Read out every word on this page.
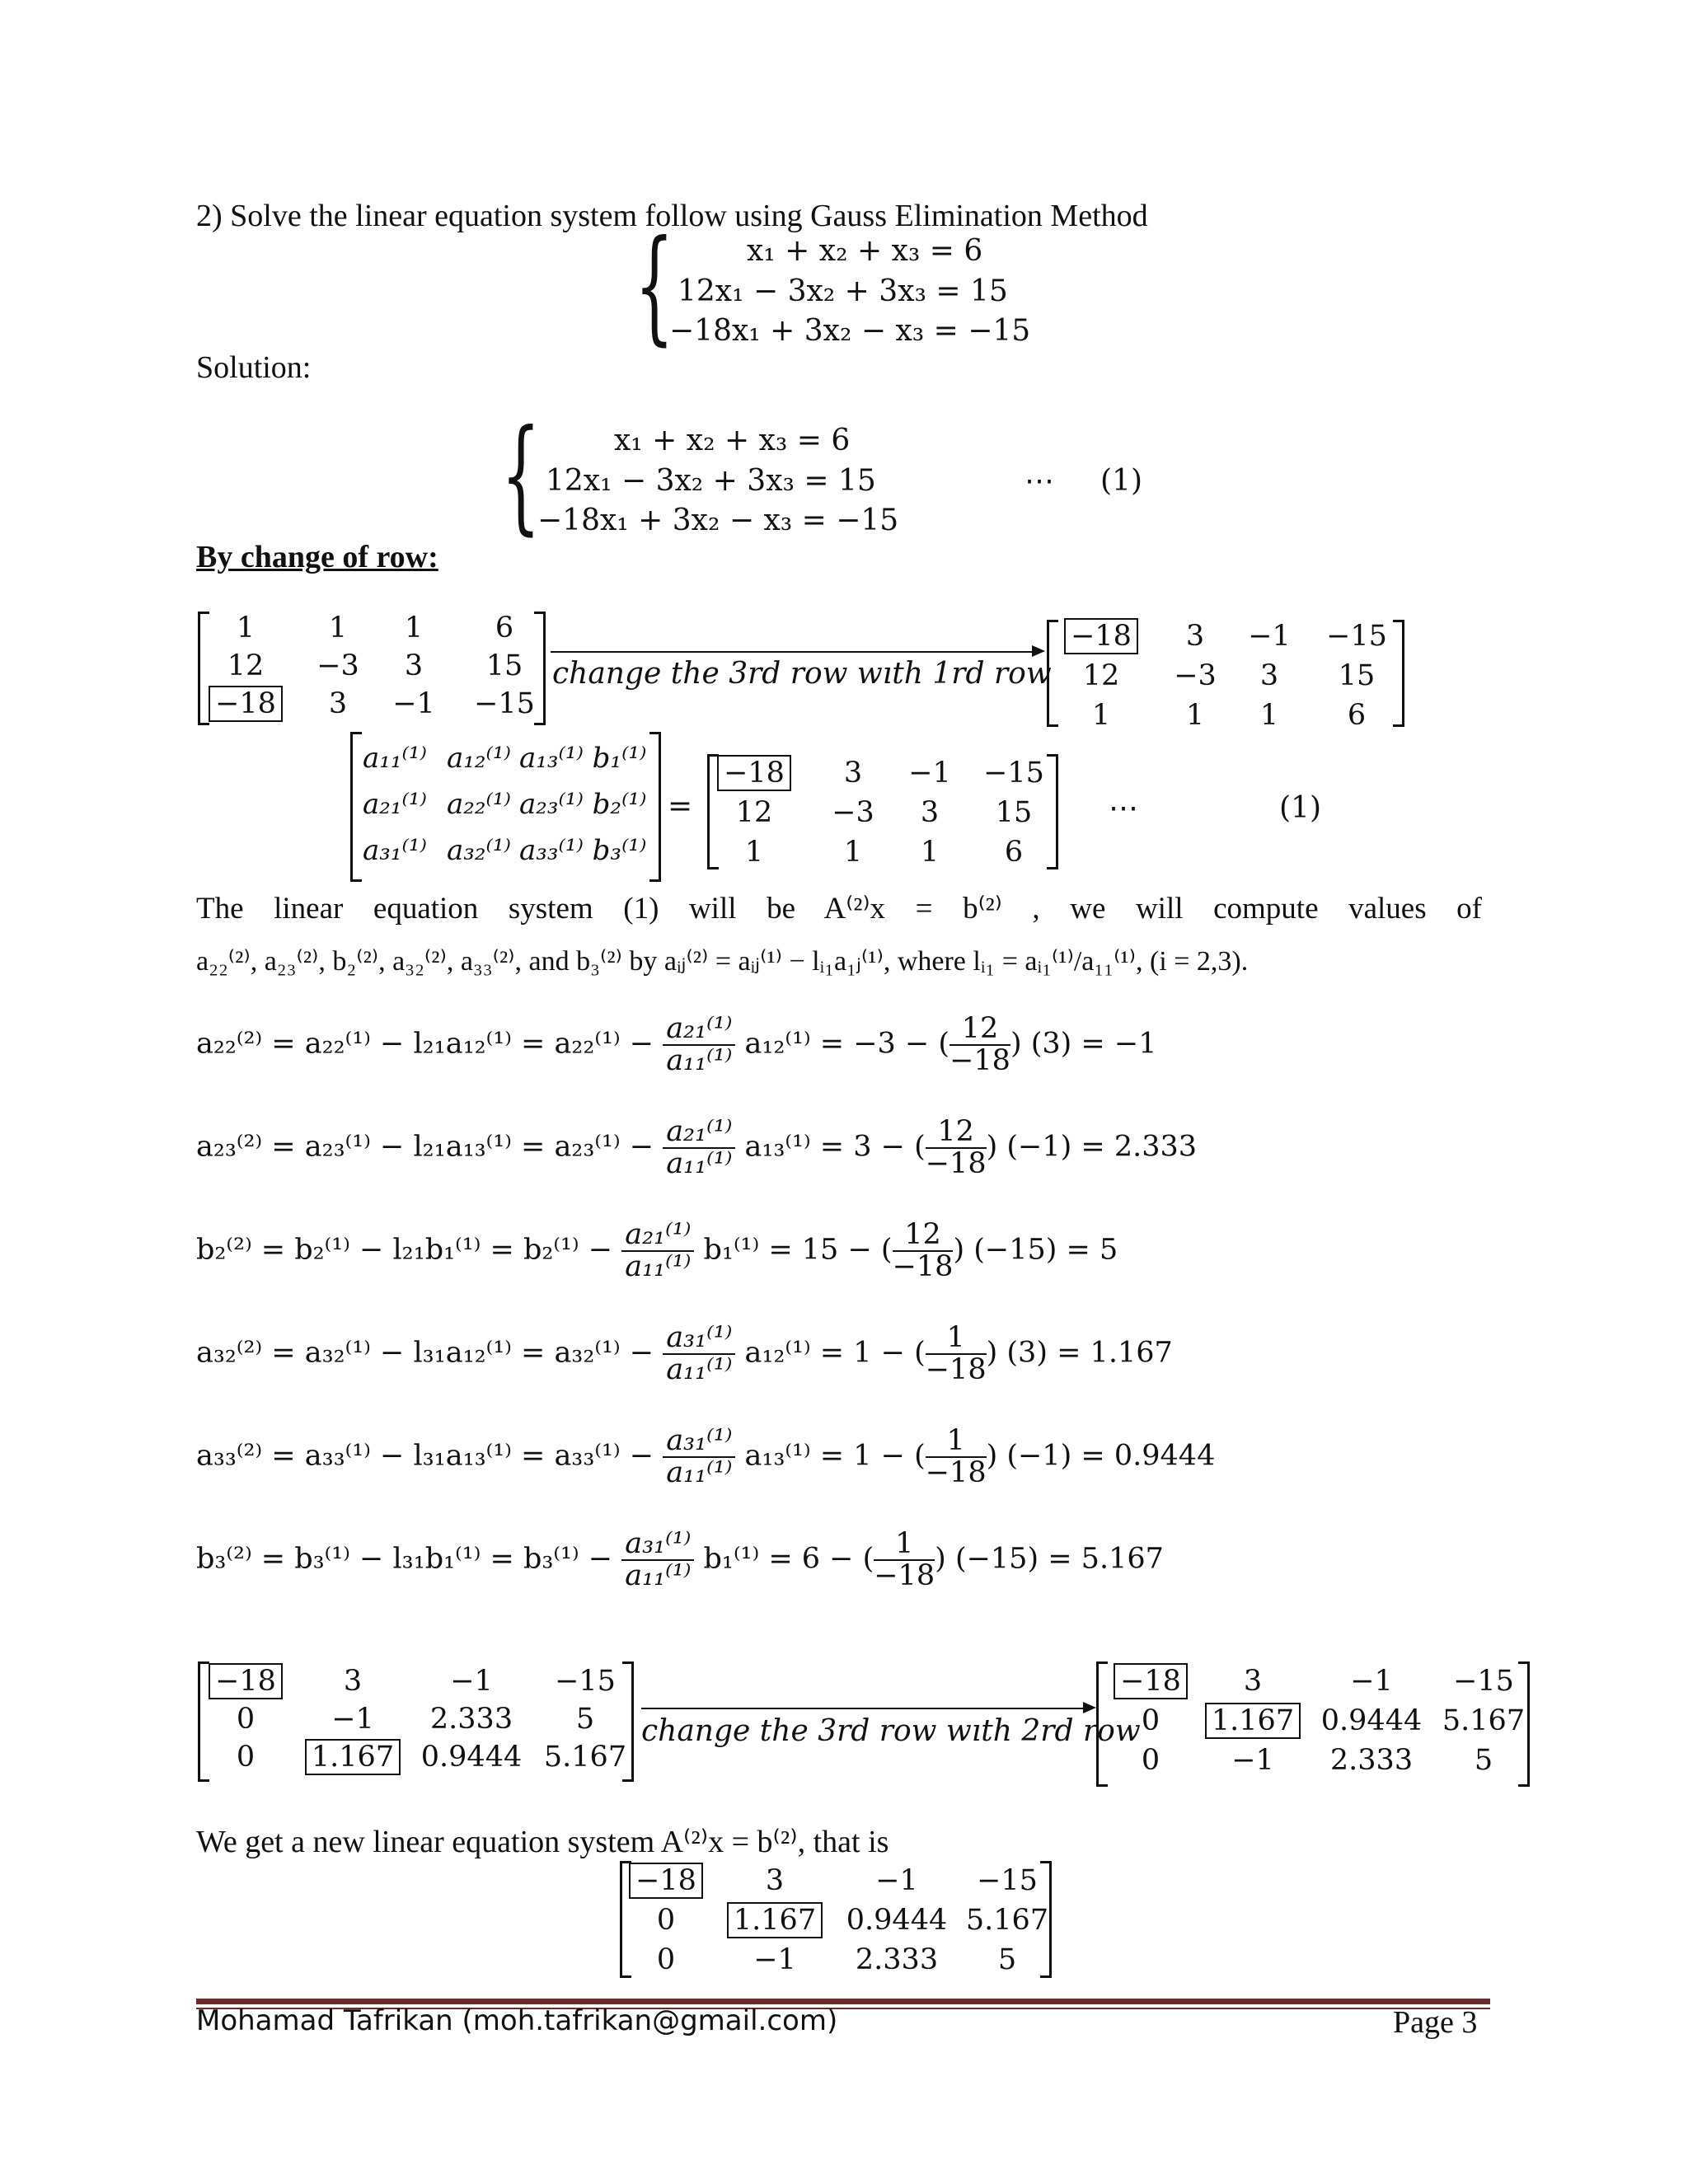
2) Solve the linear equation system follow using Gauss Elimination Method
{ x₁ + x₂ + x₃ = 6
12x₁ − 3x₂ + 3x₃ = 15
−18x₁ + 3x₂ − x₃ = −15
Solution:
{ x₁ + x₂ + x₃ = 6
12x₁ − 3x₂ + 3x₃ = 15
−18x₁ + 3x₂ − x₃ = −15
⋯ (1)
By change of row:
1	1	1	6
12	−3	3	15
−18	3	−1	−15
change the 3rd row wıth 1rd row
−18	3	−1	−15
12	−3	3	15
1	1	1	6
a₁₁⁽¹⁾ a₁₂⁽¹⁾ a₁₃⁽¹⁾ b₁⁽¹⁾
a₂₁⁽¹⁾ a₂₂⁽¹⁾ a₂₃⁽¹⁾ b₂⁽¹⁾
a₃₁⁽¹⁾ a₃₂⁽¹⁾ a₃₃⁽¹⁾ b₃⁽¹⁾
=
−18	3	−1	−15
12	−3	3	15
1	1	1	6
⋯	(1)
The linear equation system (1) will be A⁽²⁾x = b⁽²⁾ , we will compute values of
a₂₂⁽²⁾, a₂₃⁽²⁾, b₂⁽²⁾, a₃₂⁽²⁾, a₃₃⁽²⁾, and b₃⁽²⁾ by aᵢⱼ⁽²⁾ = aᵢⱼ⁽¹⁾ − lᵢ₁a₁ⱼ⁽¹⁾, where lᵢ₁ = aᵢ₁⁽¹⁾/a₁₁⁽¹⁾, (i = 2,3).
$a_{22}^{(2)} = a_{22}^{(1)} - l_{21}a_{12}^{(1)} = a_{22}^{(1)} - \frac{\text{a₂₁⁽¹⁾}}{\text{a₁₁⁽¹⁾}} a_{12}^{(1)} = -3$ − ( $\frac{12}{-18}$ ) (3) = −1
$a_{23}^{(2)} = a_{23}^{(1)} - l_{21}a_{13}^{(1)} = a_{23}^{(1)} - \frac{\text{a₂₁⁽¹⁾}}{\text{a₁₁⁽¹⁾}} a_{13}^{(1)} = 3$ − ( $\frac{12}{-18}$ ) (−1) = 2.333
$b_2^{(2)} = b_2^{(1)} - l_{21}b_1^{(1)} = b_2^{(1)} - \frac{\text{a₂₁⁽¹⁾}}{\text{a₁₁⁽¹⁾}} b_1^{(1)} = 15$ − ( $\frac{12}{-18}$ ) (−15) = 5
$a_{32}^{(2)} = a_{32}^{(1)} - l_{31}a_{12}^{(1)} = a_{32}^{(1)} - \frac{\text{a₃₁⁽¹⁾}}{\text{a₁₁⁽¹⁾}} a_{12}^{(1)} = 1$ − ( $\frac{1}{-18}$ ) (3) = 1.167
$a_{33}^{(2)} = a_{33}^{(1)} - l_{31}a_{13}^{(1)} = a_{33}^{(1)} - \frac{\text{a₃₁⁽¹⁾}}{\text{a₁₁⁽¹⁾}} a_{13}^{(1)} = 1$ − ( $\frac{1}{-18}$ ) (−1) = 0.9444
$b_3^{(2)} = b_3^{(1)} - l_{31}b_1^{(1)} = b_3^{(1)} - \frac{\text{a₃₁⁽¹⁾}}{\text{a₁₁⁽¹⁾}} b_1^{(1)} = 6$ − ( $\frac{1}{-18}$ ) (−15) = 5.167
−18	3	−1	−15
0	−1	2.333	5
0	1.167 0.9444 5.167
change the 3rd row wıth 2rd row
−18	3	−1	−15
0	1.167 0.9444 5.167
0	−1	2.333	5
We get a new linear equation system A⁽²⁾x = b⁽²⁾, that is
−18	3	−1	−15
0	1.167	0.9444 5.167
0	−1	2.333	5
Mohamad Tafrikan (moh.tafrikan@gmail.com)	Page 3
